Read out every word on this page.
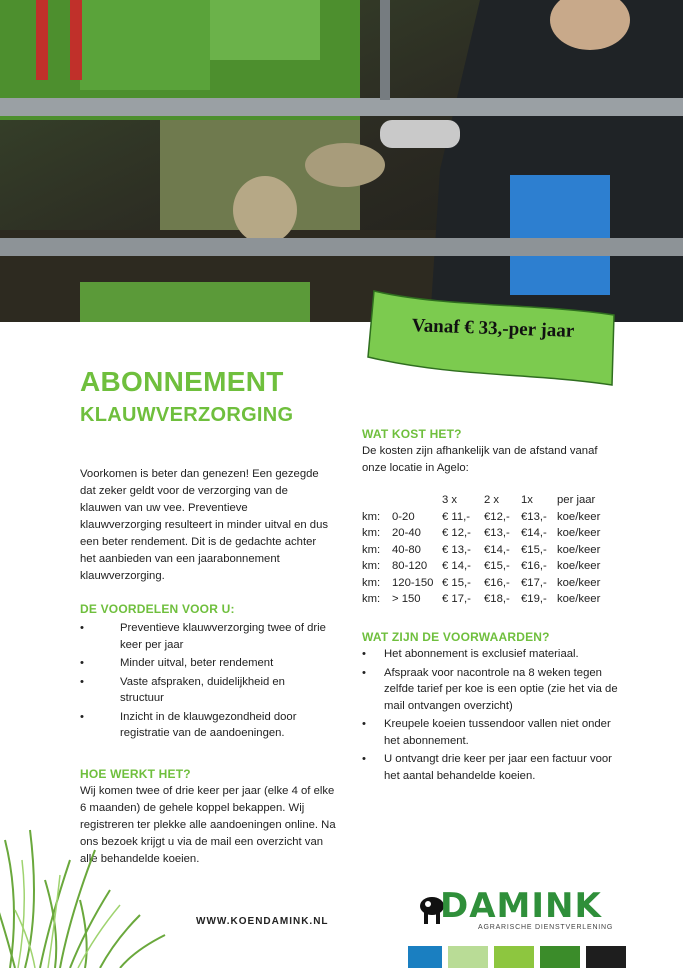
Vanaf € 33,-per jaar
ABONNEMENT
KLAUWVERZORGING
Voorkomen is beter dan genezen! Een gezegde dat zeker geldt voor de verzorging van de klauwen van uw vee. Preventieve klauwverzorging resulteert in minder uitval en dus een beter rendement. Dit is de gedachte achter het aanbieden van een jaarabonnement klauwverzorging.
DE VOORDELEN VOOR U:
•	Preventieve klauwverzorging twee of drie keer per jaar
•	Minder uitval, beter rendement
•	Vaste afspraken, duidelijkheid en structuur
•	Inzicht in de klauwgezondheid door registratie van de aandoeningen.
HOE WERKT HET?
Wij komen twee of drie keer per jaar (elke 4 of elke 6 maanden) de gehele koppel bekappen. Wij registreren ter plekke alle aandoeningen online. Na ons bezoek krijgt u via de mail een overzicht van alle behandelde koeien.
WAT KOST HET?
De kosten zijn afhankelijk van de afstand vanaf onze locatie in Agelo:
		3 x	2 x	1x	per jaar
km:	0-20	€ 11,-	€12,-	€13,-	koe/keer
km:	20-40	€ 12,-	€13,-	€14,-	koe/keer
km:	40-80	€ 13,-	€14,-	€15,-	koe/keer
km:	80-120	€ 14,-	€15,-	€16,-	koe/keer
km:	120-150	€ 15,-	€16,-	€17,-	koe/keer
km:	> 150	€ 17,-	€18,-	€19,-	koe/keer
WAT ZIJN DE VOORWAARDEN?
• Het abonnement is exclusief materiaal.
• Afspraak voor nacontrole na 8 weken tegen zelfde tarief per koe is een optie (zie het via de mail ontvangen overzicht)
• Kreupele koeien tussendoor vallen niet onder het abonnement.
• U ontvangt drie keer per jaar een factuur voor het aantal behandelde koeien.
WWW.KOENDAMINK.NL	DAMINK
AGRARISCHE DIENSTVERLENING
